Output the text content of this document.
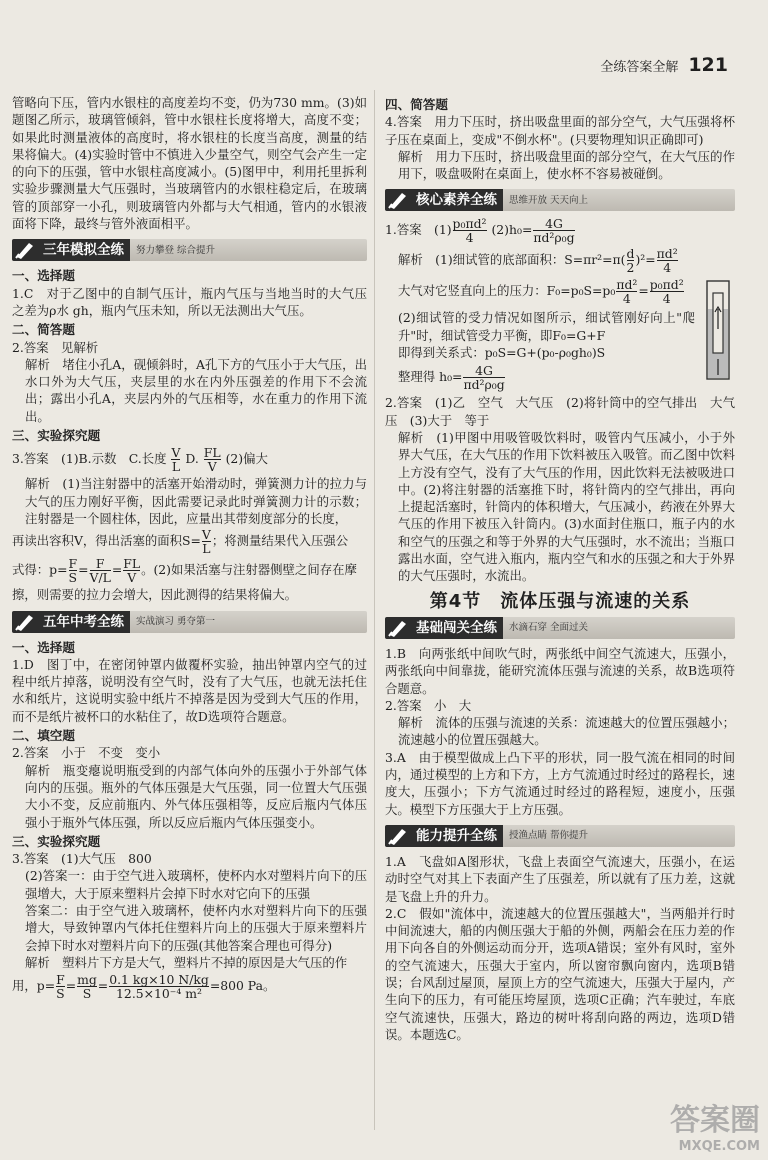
全练答案全解 121

管略向下压，管内水银柱的高度差均不变，仍为730 mm。(3)如题图乙所示，玻璃管倾斜，管中水银柱长度将增大，高度不变；如果此时测量液体的高度时，将水银柱的长度当高度，测量的结果将偏大。(4)实验时管中不慎进入少量空气，则空气会产生一定的向下的压强，管中水银柱高度减小。(5)图甲中，利用托里拆利实验步骤测量大气压强时，当玻璃管内的水银柱稳定后，在玻璃管的顶部穿一小孔，则玻璃管内外都与大气相通，管内的水银液面将下降，最终与管外液面相平。

三年模拟全练	努力攀登 综合提升

一、选择题

1.C　对于乙图中的自制气压计，瓶内气压与当地当时的大气压之差为ρ水 gh，瓶内气压未知，所以无法测出大气压。

二、简答题

2.答案　见解析

解析　堵住小孔A，砚倾斜时，A孔下方的气压小于大气压，出水口外为大气压，夹层里的水在内外压强差的作用下不会流出；露出小孔A，夹层内外的气压相等，水在重力的作用下流出。

三、实验探究题

3.答案　(1)B.示数　C.长度 $\frac{V}{L} D$. $\frac{FL}{V} (2)$偏大

解析　(1)当注射器中的活塞开始滑动时，弹簧测力计的拉力与大气的压力刚好平衡，因此需要记录此时弹簧测力计的示数；注射器是一个圆柱体，因此，应量出其带刻度部分的长度，

再读出容积V，得出活塞的面积$S= \frac{V}{L}$ ；将测量结果代入压强公

式得：$p= \frac{F}{S} = \frac{F}{V/L} = \frac{FL}{V}$ 。(2)如果活塞与注射器侧壁之间存在摩

擦，则需要的拉力会增大，因此测得的结果将偏大。

五年中考全练	实战演习 勇夺第一

一、选择题

1.D　图丁中，在密闭钟罩内做覆杯实验，抽出钟罩内空气的过程中纸片掉落，说明没有空气时，没有了大气压，也就无法托住水和纸片，这说明实验中纸片不掉落是因为受到大气压的作用，而不是纸片被杯口的水粘住了，故D选项符合题意。

二、填空题

2.答案　小于　不变　变小

解析　瓶变瘪说明瓶受到的内部气体向外的压强小于外部气体向内的压强。瓶外的气体压强是大气压强，同一位置大气压强大小不变，反应前瓶内、外气体压强相等，反应后瓶内气体压强小于瓶外气体压强，所以反应后瓶内气体压强变小。

三、实验探究题

3.答案　(1)大气压　800

(2)答案一：由于空气进入玻璃杯，使杯内水对塑料片向下的压强增大，大于原来塑料片会掉下时水对它向下的压强

答案二：由于空气进入玻璃杯，使杯内水对塑料片向下的压强增大，导致钟罩内气体托住塑料片向上的压强大于原来塑料片会掉下时水对塑料片向下的压强(其他答案合理也可得分)

解析　塑料片下方是大气，塑料片不掉的原因是大气压的作

用，$p= \frac{F}{S} = \frac{mg}{S} = \frac{0.1 kg\times 10 N/kg}{\text{12.5×10⁻⁴ m²}} =800$ Pa。

四、简答题

4.答案　用力下压时，挤出吸盘里面的部分空气，大气压强将杯子压在桌面上，变成"不倒水杯"。(只要物理知识正确即可)

解析　用力下压时，挤出吸盘里面的部分空气，在大气压的作用下，吸盘吸附在桌面上，使水杯不容易被碰倒。

核心素养全练	思维开放 天天向上

1.答案　$(1) \frac{\text{p₀πd²}}{4} (2)h_0= \frac{4G}{\text{πd²ρ₀g}}$

解析　(1)细试管的底部面积：$S=\pi r^2=\pi( \frac{d}{2} )^2= \frac{\text{πd²}}{4}$

大气对它竖直向上的压力：$F_0=p_0S=p_0 \frac{\text{πd²}}{4} = \frac{\text{p₀πd²}}{4}$

(2)细试管的受力情况如图所示，细试管刚好向上"爬升"时，细试管受力平衡，即F₀=G+F

即得到关系式：p₀S=G+(p₀-ρ₀gh₀)S

整理得 $h_0= \frac{4G}{\text{πd²ρ₀g}}$

2.答案　(1)乙　空气　大气压　(2)将针筒中的空气排出　大气压　(3)大于　等于

解析　(1)甲图中用吸管吸饮料时，吸管内气压减小，小于外界大气压，在大气压的作用下饮料被压入吸管。而乙图中饮料上方没有空气，没有了大气压的作用，因此饮料无法被吸进口中。(2)将注射器的活塞推下时，将针筒内的空气排出，再向上提起活塞时，针筒内的体积增大，气压减小，药液在外界大气压的作用下被压入针筒内。(3)水面封住瓶口，瓶子内的水和空气的压强之和等于外界的大气压强时，水不流出；当瓶口露出水面，空气进入瓶内，瓶内空气和水的压强之和大于外界的大气压强时，水流出。

第4节　流体压强与流速的关系
基础闯关全练	水滴石穿 全面过关

1.B　向两张纸中间吹气时，两张纸中间空气流速大，压强小，两张纸向中间靠拢，能研究流体压强与流速的关系，故B选项符合题意。

2.答案　小　大

解析　流体的压强与流速的关系：流速越大的位置压强越小；流速越小的位置压强越大。

3.A　由于模型做成上凸下平的形状，同一股气流在相同的时间内，通过模型的上方和下方，上方气流通过时经过的路程长，速度大，压强小；下方气流通过时经过的路程短，速度小，压强大。模型下方压强大于上方压强。

能力提升全练	授渔点睛 帮你提升

1.A　飞盘如A图形状，飞盘上表面空气流速大，压强小，在运动时空气对其上下表面产生了压强差，所以就有了压力差，这就是飞盘上升的升力。

2.C　假如"流体中，流速越大的位置压强越大"，当两船并行时中间流速大，船的内侧压强大于船的外侧，两船会在压力差的作用下向各自的外侧运动而分开，选项A错误；室外有风时，室外的空气流速大，压强大于室内，所以窗帘飘向窗内，选项B错误；台风刮过屋顶，屋顶上方的空气流速大，压强大于屋内，产生向下的压力，有可能压垮屋顶，选项C正确；汽车驶过，车底空气流速快，压强大，路边的树叶将刮向路的两边，选项D错误。本题选C。

答案圈
MXQE.COM
